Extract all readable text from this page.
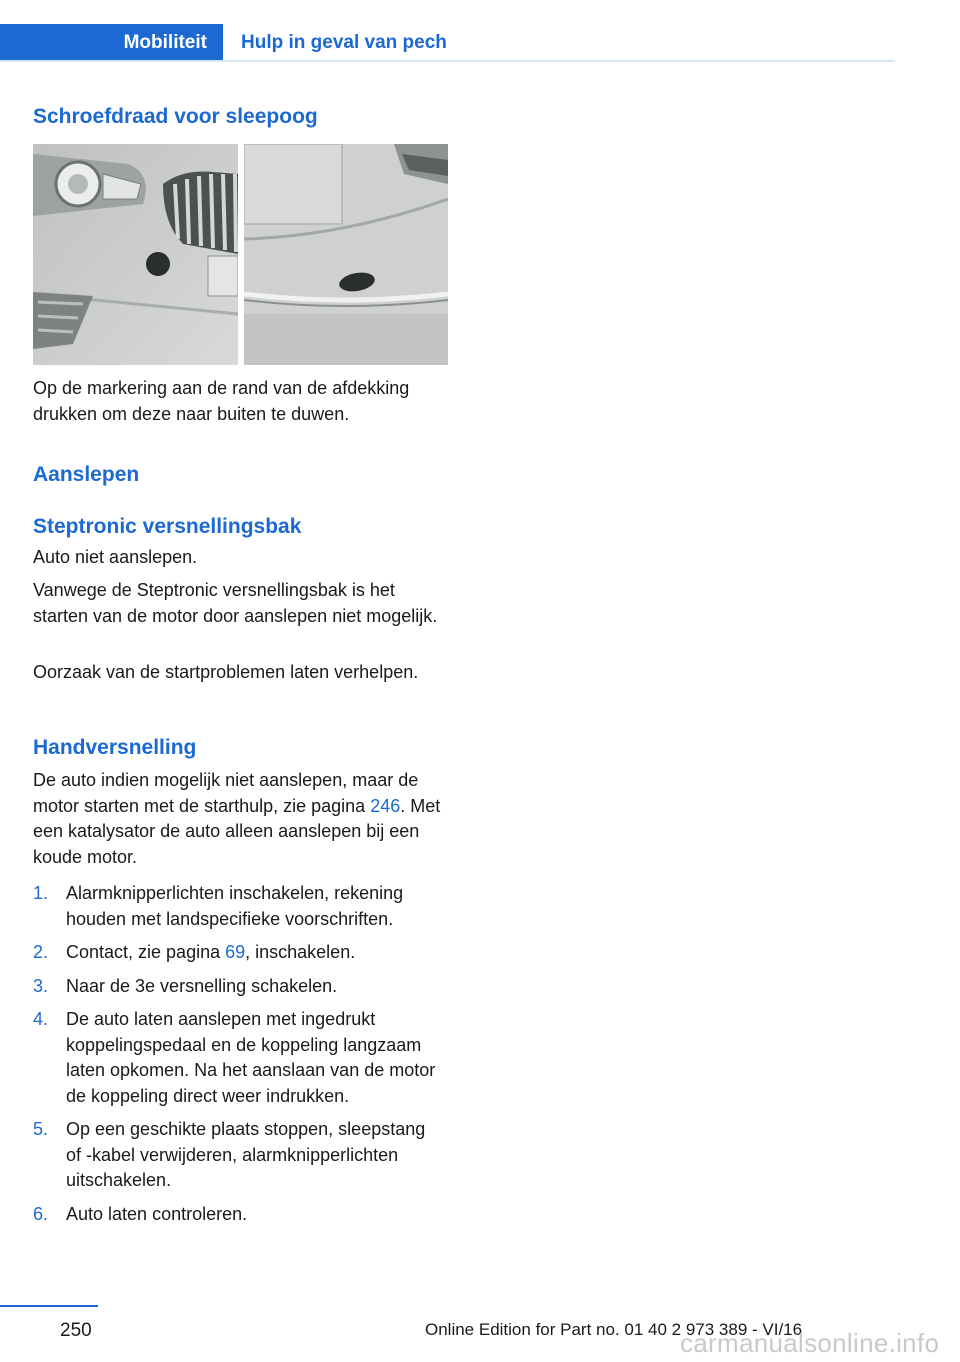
Mobiliteit	Hulp in geval van pech
Schroefdraad voor sleepoog

Op de markering aan de rand van de afdekking drukken om deze naar buiten te duwen.

Aanslepen
Steptronic versnellingsbak

Auto niet aanslepen.

Vanwege de Steptronic versnellingsbak is het starten van de motor door aanslepen niet mogelijk.

Oorzaak van de startproblemen laten verhelpen.

Handversnelling

De auto indien mogelijk niet aanslepen, maar de motor starten met de starthulp, zie pagina 246. Met een katalysator de auto alleen aanslepen bij een koude motor.

1. Alarmknipperlichten inschakelen, rekening houden met landspecifieke voorschriften.
2. Contact, zie pagina 69, inschakelen.
3. Naar de 3e versnelling schakelen.
4. De auto laten aanslepen met ingedrukt koppelingspedaal en de koppeling langzaam laten opkomen. Na het aanslaan van de motor de koppeling direct weer indrukken.
5. Op een geschikte plaats stoppen, sleepstang of -kabel verwijderen, alarmknipperlichten uitschakelen.
6. Auto laten controleren.
250	Online Edition for Part no. 01 40 2 973 389 - VI/16
carmanualsonline.info
